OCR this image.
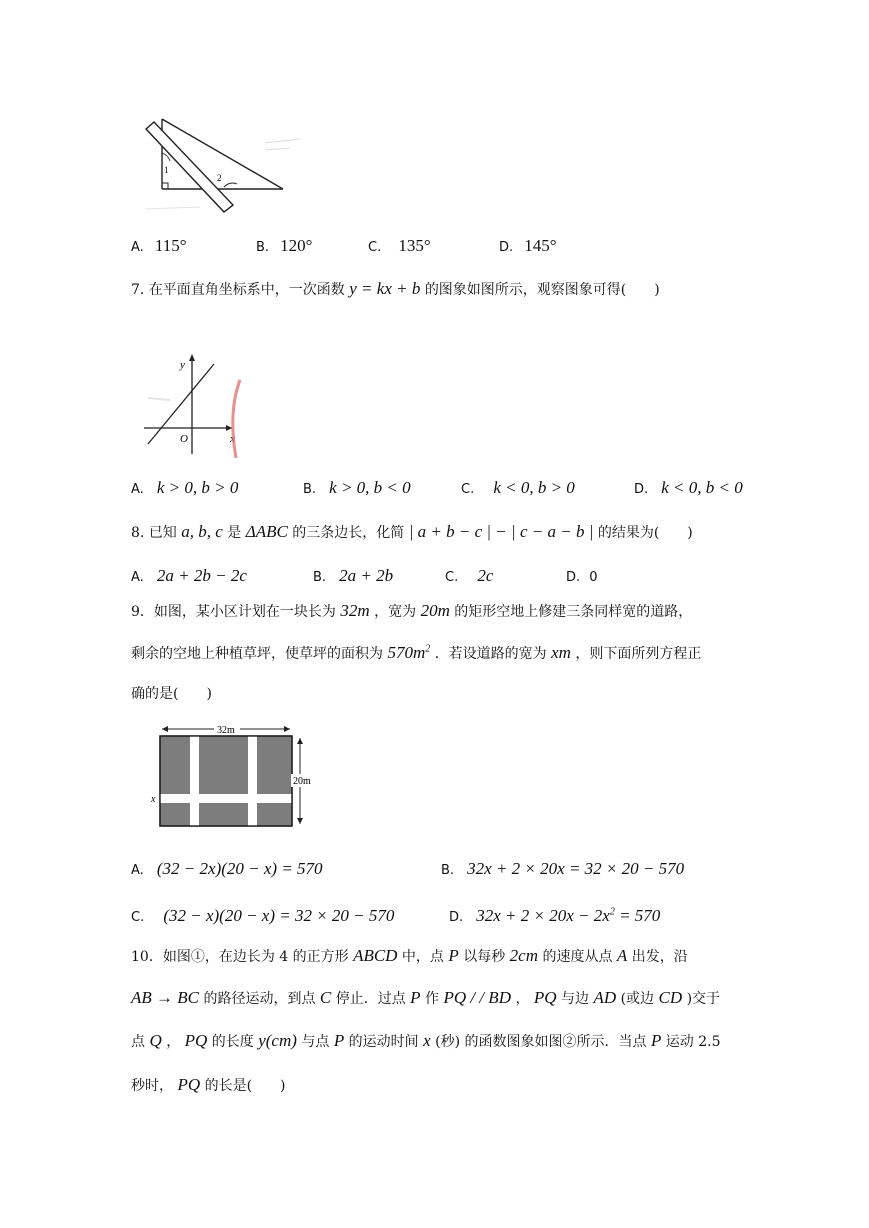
1
2
A. 115°	B. 120°	C. 135°	D. 145°
7. 在平面直角坐标系中，一次函数 y = kx + b 的图象如图所示，观察图象可得(　　)
y
x
O
A. k > 0, b > 0	B. k > 0, b < 0	C. k < 0, b > 0	D. k < 0, b < 0
8. 已知 a, b, c 是 ΔABC 的三条边长，化简 | a + b − c | − | c − a − b | 的结果为(　　)
A. 2a + 2b − 2c	B. 2a + 2b	C. 2c	D. 0
9．如图，某小区计划在一块长为 32m ，宽为 20m 的矩形空地上修建三条同样宽的道路，
剩余的空地上种植草坪，使草坪的面积为 $570m^2$ ．若设道路的宽为 xm ，则下面所列方程正
确的是(　　)
32m
20m
x
A. (32 − 2x)(20 − x) = 570	B. 32x + 2 × 20x = 32 × 20 − 570
C. (32 − x)(20 − x) = 32 × 20 − 570	D. $32x + 2 \times 20x - 2x^2 = 570$
10．如图①，在边长为 4 的正方形 ABCD 中，点 P 以每秒 2cm 的速度从点 A 出发，沿
AB → BC 的路径运动，到点 C 停止．过点 P 作 PQ / / BD ， PQ 与边 AD (或边 CD )交于
点 Q ， PQ 的长度 y(cm) 与点 P 的运动时间 x (秒) 的函数图象如图②所示．当点 P 运动 2.5
秒时， PQ 的长是(　　)
